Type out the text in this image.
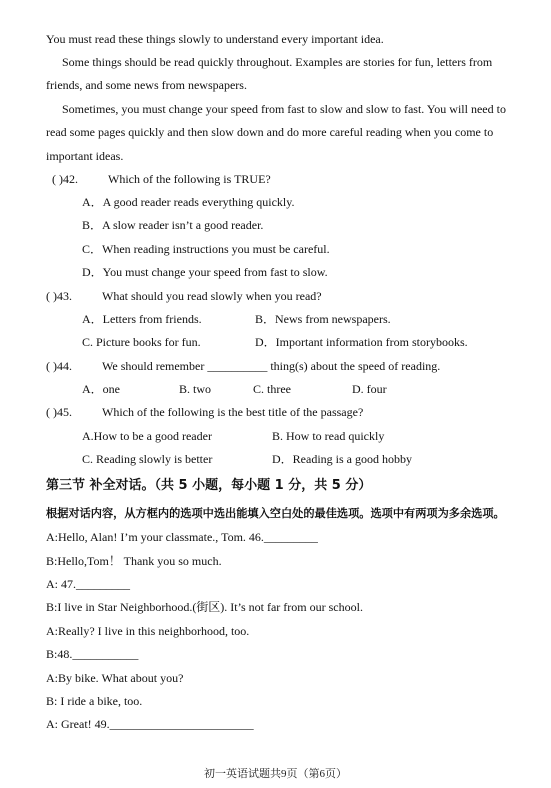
You must read these things slowly to understand every important idea.
Some things should be read quickly throughout. Examples are stories for fun, letters from
friends, and some news from newspapers.
Sometimes, you must change your speed from fast to slow and slow to fast. You will need to
read some pages quickly and then slow down and do more careful reading when you come to
important ideas.
( )42.	Which of the following is TRUE?
A．A good reader reads everything quickly.
B．A slow reader isn’t a good reader.
C．When reading instructions you must be careful.
D．You must change your speed from fast to slow.
( )43.	What should you read slowly when you read?
A．Letters from friends.	B．News from newspapers.
C. Picture books for fun.	D．Important information from storybooks.
( )44.	We should remember __________ thing(s) about the speed of reading.
A．one	B. two	C. three	D. four
( )45.	Which of the following is the best title of the passage?
A.How to be a good reader	B. How to read quickly
C. Reading slowly is better	D．Reading is a good hobby
第三节 补全对话。（共 5 小题，每小题 1 分，共 5 分）
根据对话内容，从方框内的选项中选出能填入空白处的最佳选项。选项中有两项为多余选项。
A:Hello, Alan! I’m your classmate., Tom. 46._________
B:Hello,Tom！ Thank you so much.
A: 47._________
B:I live in Star Neighborhood.(街区). It’s not far from our school.
A:Really? I live in this neighborhood, too.
B:48.___________
A:By bike. What about you?
B: I ride a bike, too.
A: Great! 49.________________________
初一英语试题共9页（第6页）
